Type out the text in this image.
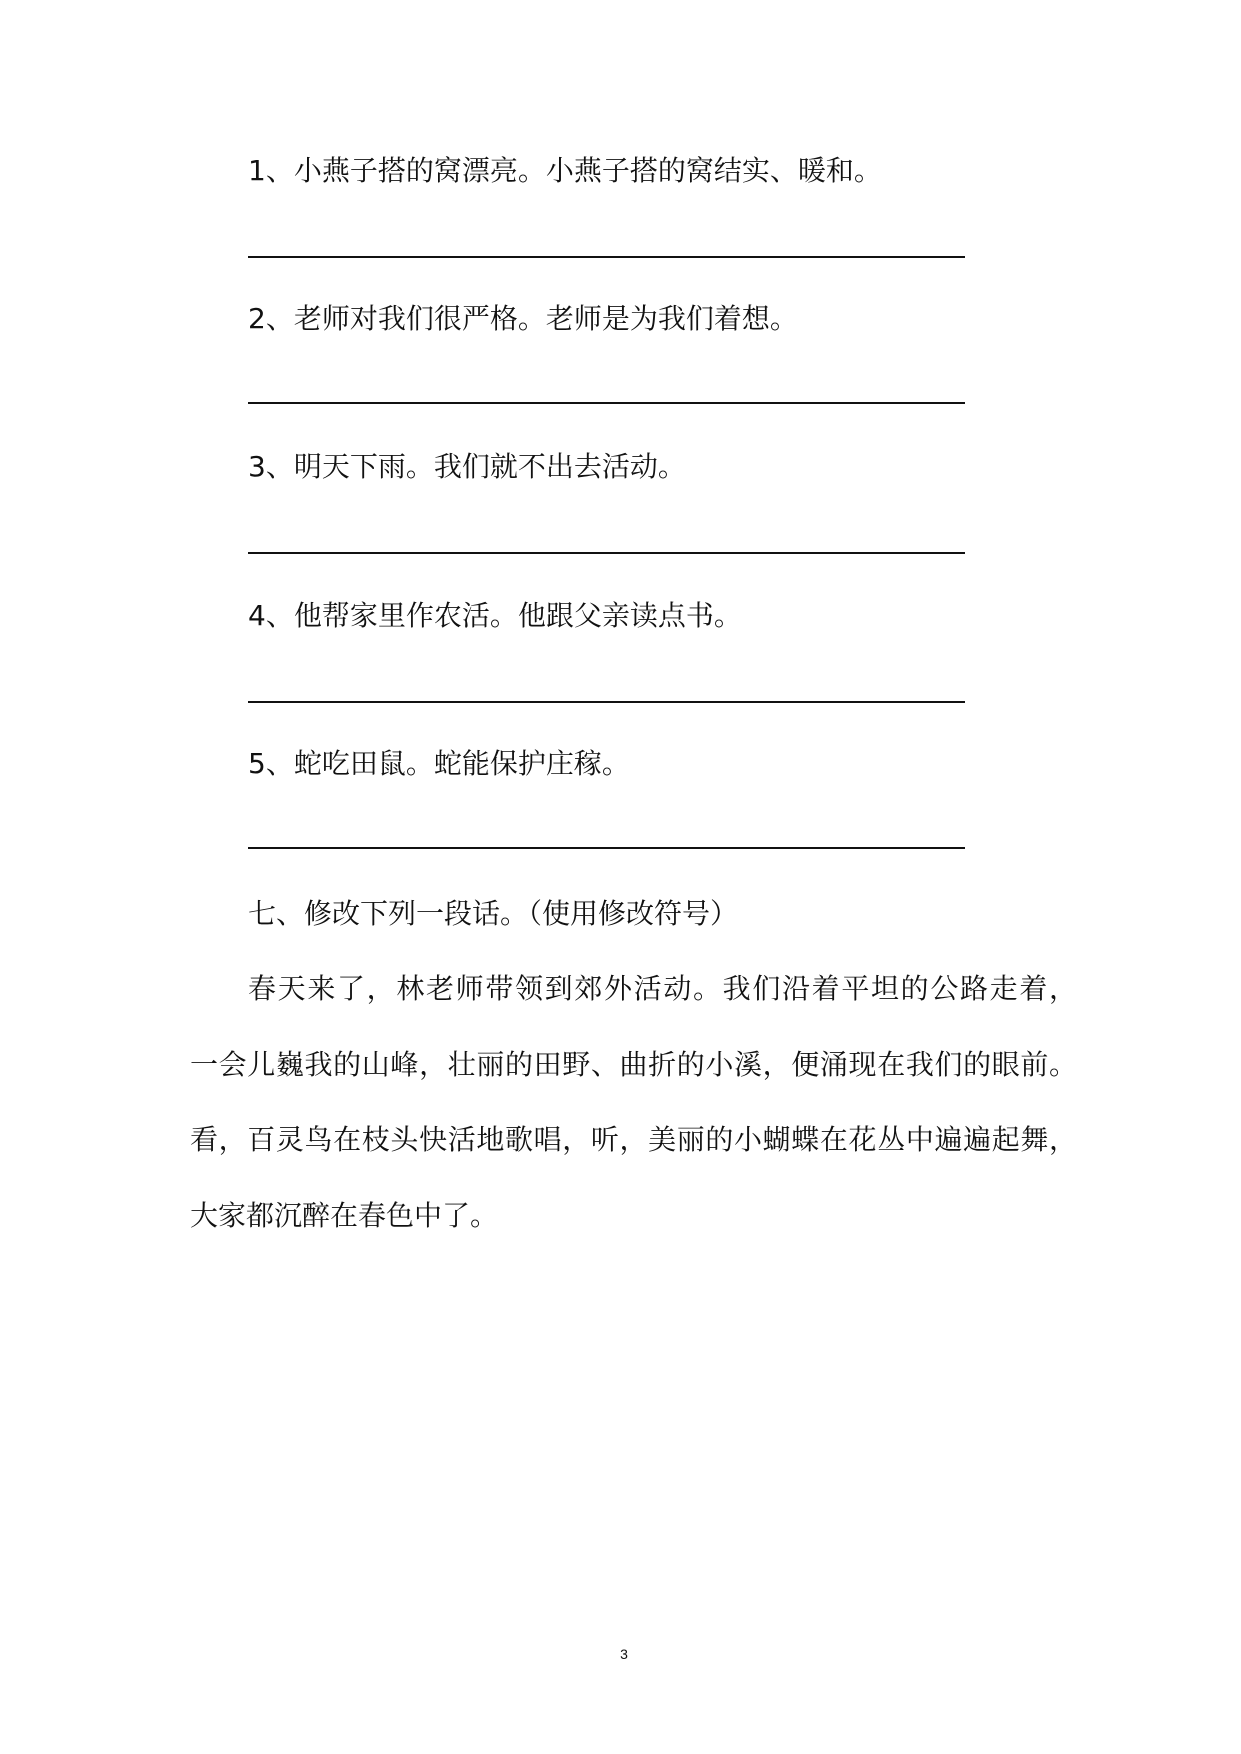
1、小燕子搭的窝漂亮。小燕子搭的窝结实、暖和。
2、老师对我们很严格。老师是为我们着想。
3、明天下雨。我们就不出去活动。
4、他帮家里作农活。他跟父亲读点书。
5、蛇吃田鼠。蛇能保护庄稼。
七、修改下列一段话。（使用修改符号）
春天来了，林老师带领到郊外活动。我们沿着平坦的公路走着，
一会儿巍我的山峰，壮丽的田野、曲折的小溪，便涌现在我们的眼前。
看，百灵鸟在枝头快活地歌唱，听，美丽的小蝴蝶在花丛中遍遍起舞，
大家都沉醉在春色中了。
3
